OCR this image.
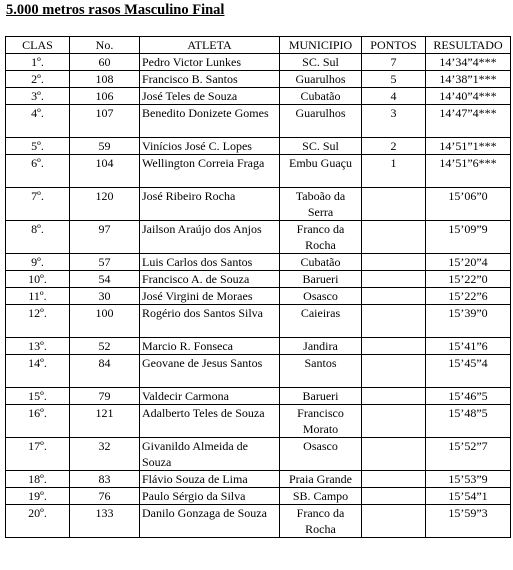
5.000 metros rasos Masculino Final
CLAS	No.	ATLETA	MUNICIPIO	PONTOS	RESULTADO
1º.	60	Pedro Victor Lunkes	SC. Sul	7	14’34”4***
2º.	108	Francisco B. Santos	Guarulhos	5	14’38”1***
3º.	106	José Teles de Souza	Cubatão	4	14’40”4***
4º.	107	Benedito Donizete Gomes	Guarulhos	3	14’47”4***
5º.	59	Vinícios José C. Lopes	SC. Sul	2	14’51”1***
6º.	104	Wellington Correia Fraga	Embu Guaçu	1	14’51”6***
7º.	120	José Ribeiro Rocha	Taboão da Serra		15’06”0
8º.	97	Jailson Araújo dos Anjos	Franco da Rocha		15’09”9
9º.	57	Luis Carlos dos Santos	Cubatão		15’20”4
10º.	54	Francisco A. de Souza	Barueri		15’22”0
11º.	30	José Virgini de Moraes	Osasco		15’22”6
12º.	100	Rogério dos Santos Silva	Caieiras		15’39”0
13º.	52	Marcio R. Fonseca	Jandira		15’41”6
14º.	84	Geovane de Jesus Santos	Santos		15’45”4
15º.	79	Valdecir Carmona	Barueri		15’46”5
16º.	121	Adalberto Teles de Souza	Francisco Morato		15’48”5
17º.	32	Givanildo Almeida de Souza	Osasco		15’52”7
18º.	83	Flávio Souza de Lima	Praia Grande		15’53”9
19º.	76	Paulo Sérgio da Silva	SB. Campo		15’54”1
20º.	133	Danilo Gonzaga de Souza	Franco da Rocha		15’59”3
